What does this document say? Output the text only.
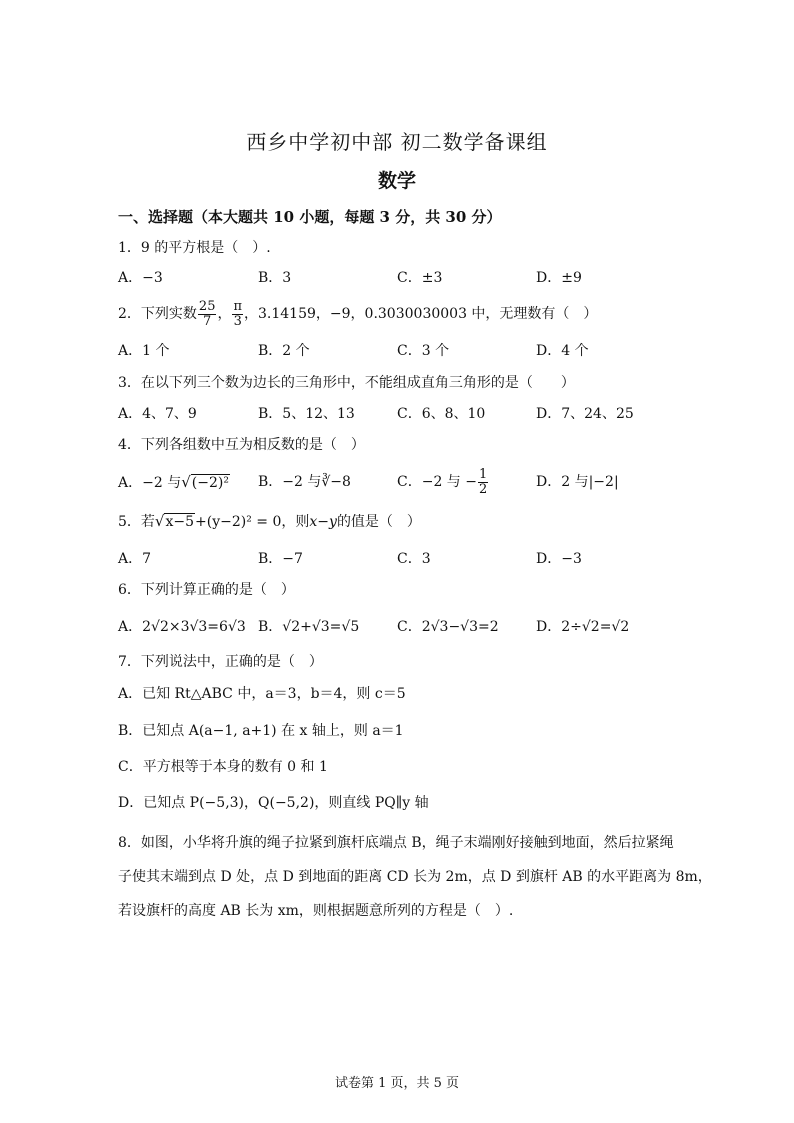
西乡中学初中部 初二数学备课组
数学
一、选择题（本大题共 10 小题，每题 3 分，共 30 分）
1．9 的平方根是（　）.
A．−3	B．3	C．±3	D．±9
2．下列实数 $\frac{25}{7}$ ， $\frac{\pi}{3}$ ，3.14159，−9，0.3030030003 中，无理数有（　）
A．1 个	B．2 个	C．3 个	D．4 个
3．在以下列三个数为边长的三角形中，不能组成直角三角形的是（　　）
A．4、7、9	B．5、12、13	C．6、8、10	D．7、24、25
4．下列各组数中互为相反数的是（　）
A．−2 与√(−2)² B．−2 与∛−8	C．−2 与 − $\frac{1}{2}$	D．2 与|−2|
5．若√x−5+(y−2)² = 0，则x−y的值是（　）
A．7	B．−7	C．3	D．−3
6．下列计算正确的是（　）
A．2√2×3√3=6√3 B．√2+√3=√5	C．2√3−√3=2	D．2÷√2=√2
7．下列说法中，正确的是（　）
A．已知 Rt△ABC 中，a＝3，b＝4，则 c＝5
B．已知点 A(a−1, a+1) 在 x 轴上，则 a＝1
C．平方根等于本身的数有 0 和 1
D．已知点 P(−5,3)，Q(−5,2)，则直线 PQ∥y 轴
8．如图，小华将升旗的绳子拉紧到旗杆底端点 B，绳子末端刚好接触到地面，然后拉紧绳
子使其末端到点 D 处，点 D 到地面的距离 CD 长为 2m，点 D 到旗杆 AB 的水平距离为 8m，
若设旗杆的高度 AB 长为 xm，则根据题意所列的方程是（　）.
试卷第 1 页，共 5 页
